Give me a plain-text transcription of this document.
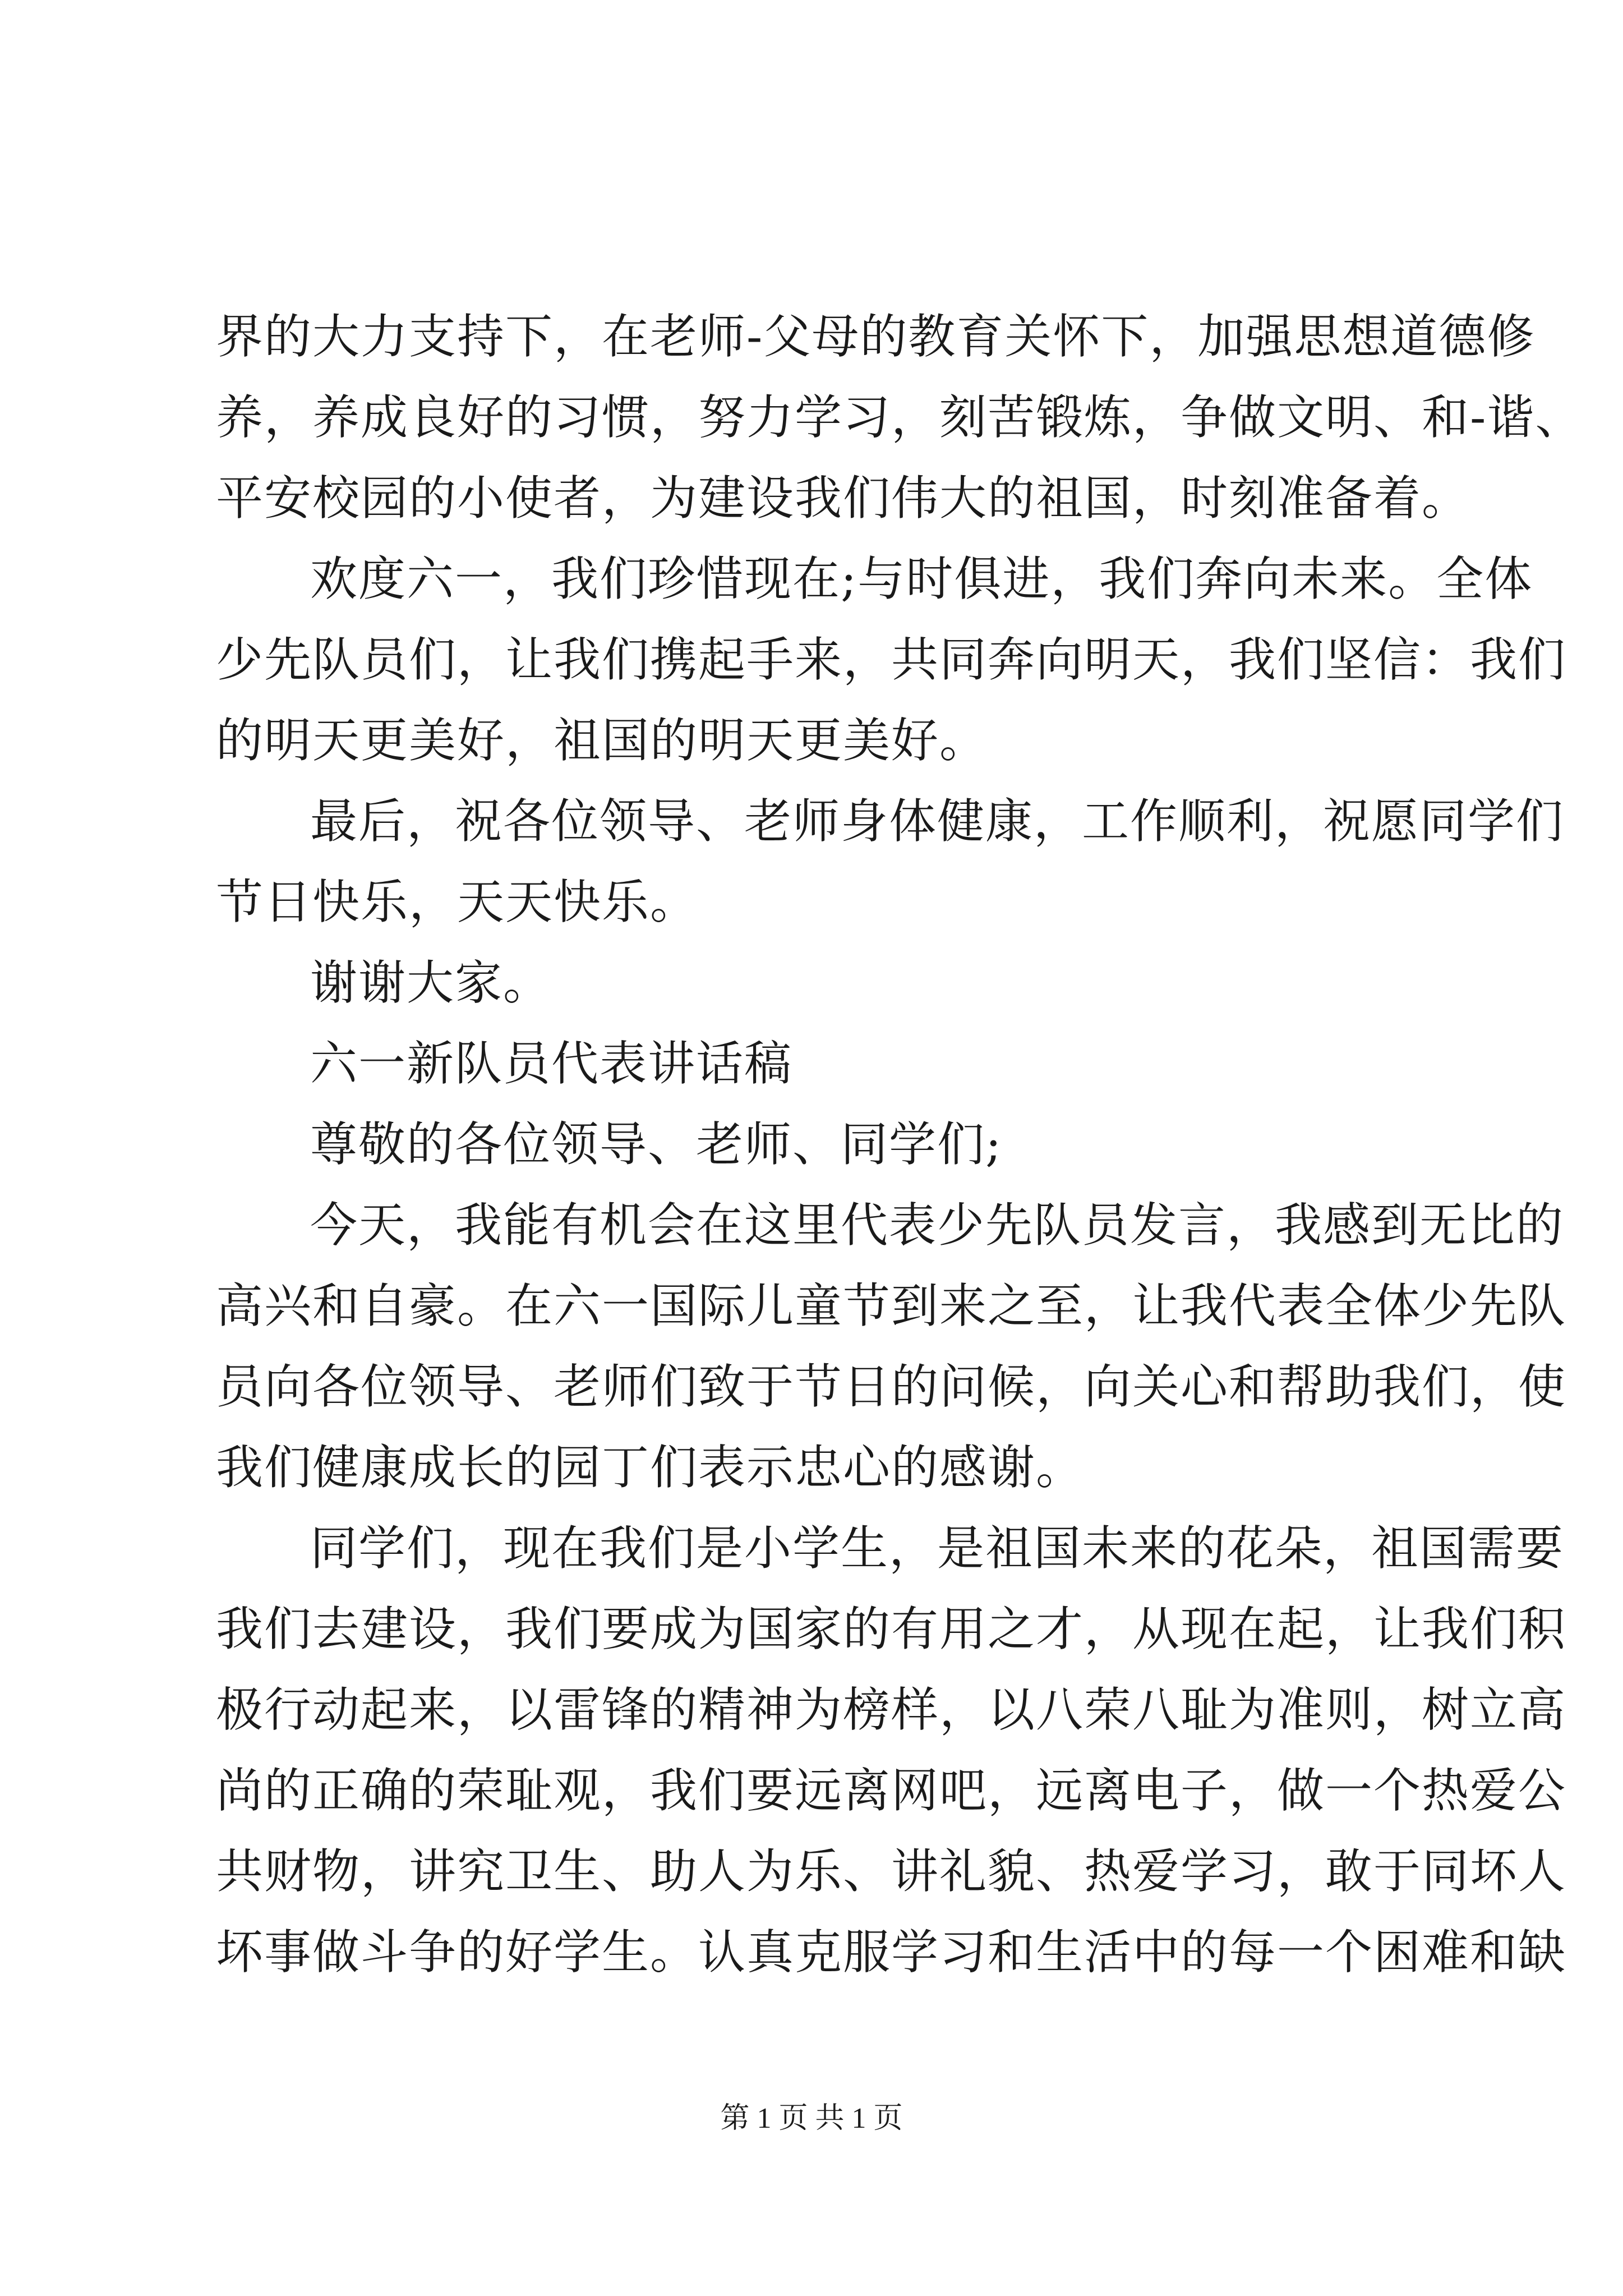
界的大力支持下，在老师-父母的教育关怀下，加强思想道德修
养，养成良好的习惯，努力学习，刻苦锻炼，争做文明、和-谐、
平安校园的小使者，为建设我们伟大的祖国，时刻准备着。
欢度六一，我们珍惜现在;与时俱进，我们奔向未来。全体
少先队员们，让我们携起手来，共同奔向明天，我们坚信：我们
的明天更美好，祖国的明天更美好。
最后，祝各位领导、老师身体健康，工作顺利，祝愿同学们
节日快乐，天天快乐。
谢谢大家。
六一新队员代表讲话稿
尊敬的各位领导、老师、同学们;
今天，我能有机会在这里代表少先队员发言，我感到无比的
高兴和自豪。在六一国际儿童节到来之至，让我代表全体少先队
员向各位领导、老师们致于节日的问候，向关心和帮助我们，使
我们健康成长的园丁们表示忠心的感谢。
同学们，现在我们是小学生，是祖国未来的花朵，祖国需要
我们去建设，我们要成为国家的有用之才，从现在起，让我们积
极行动起来，以雷锋的精神为榜样，以八荣八耻为准则，树立高
尚的正确的荣耻观，我们要远离网吧，远离电子，做一个热爱公
共财物，讲究卫生、助人为乐、讲礼貌、热爱学习，敢于同坏人
坏事做斗争的好学生。认真克服学习和生活中的每一个困难和缺
第 1 页 共 1 页
